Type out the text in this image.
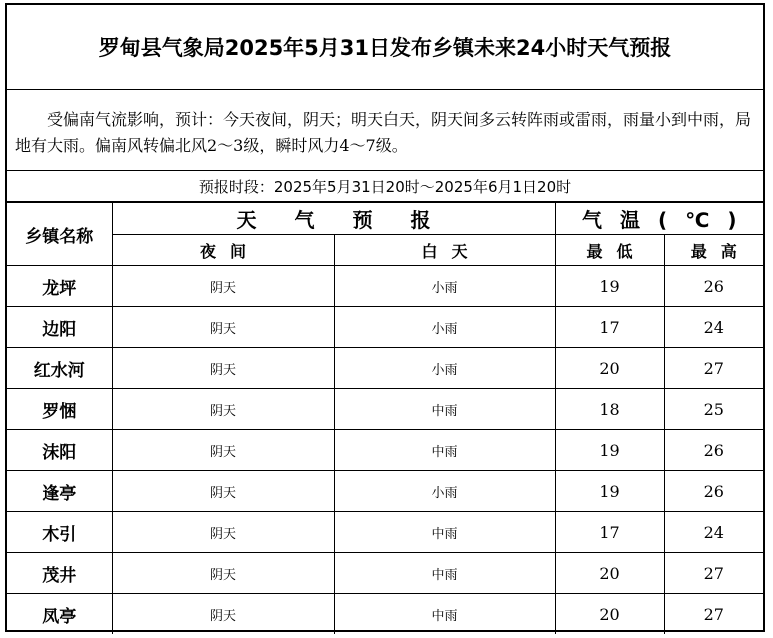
罗甸县气象局2025年5月31日发布乡镇未来24小时天气预报
受偏南气流影响，预计：今天夜间，阴天；明天白天，阴天间多云转阵雨或雷雨，雨量小到中雨，局地有大雨。偏南风转偏北风2～3级，瞬时风力4～7级。
预报时段：2025年5月31日20时～2025年6月1日20时
乡镇名称	天气预报		气温(℃)	
	夜间	白天	最低	最高
龙坪	阴天	小雨	19	26
边阳	阴天	小雨	17	24
红水河	阴天	小雨	20	27
罗悃	阴天	中雨	18	25
沫阳	阴天	中雨	19	26
逢亭	阴天	小雨	19	26
木引	阴天	中雨	17	24
茂井	阴天	中雨	20	27
凤亭	阴天	中雨	20	27
